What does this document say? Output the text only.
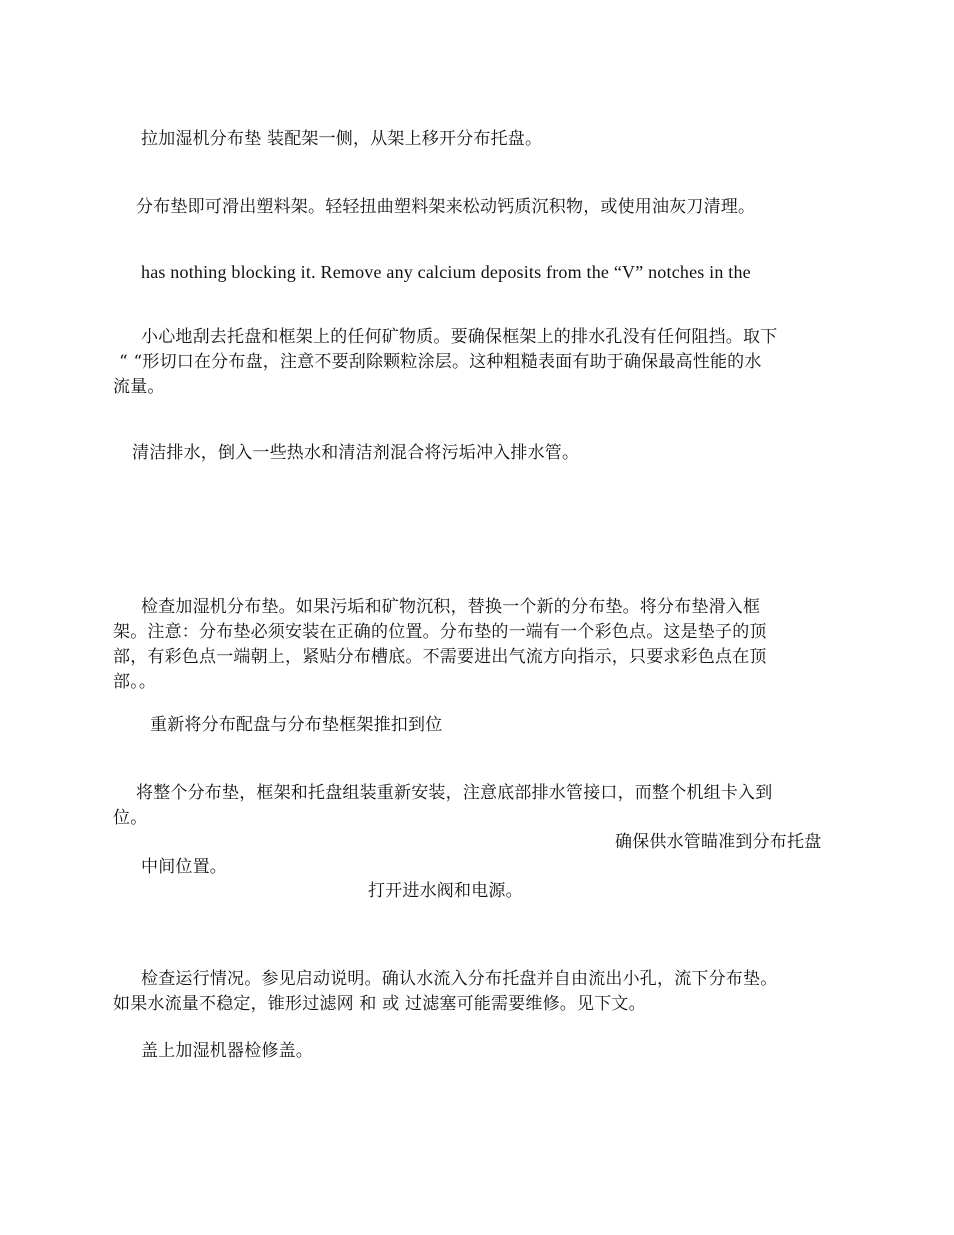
拉加湿机分布垫 装配架一侧，从架上移开分布托盘。
分布垫即可滑出塑料架。轻轻扭曲塑料架来松动钙质沉积物，或使用油灰刀清理。
has nothing blocking it. Remove any calcium deposits from the “V” notches in the
小心地刮去托盘和框架上的任何矿物质。要确保框架上的排水孔没有任何阻挡。取下
“ “形切口在分布盘，注意不要刮除颗粒涂层。这种粗糙表面有助于确保最高性能的水
流量。
清洁排水，倒入一些热水和清洁剂混合将污垢冲入排水管。
检查加湿机分布垫。如果污垢和矿物沉积，替换一个新的分布垫。将分布垫滑入框
架。注意：分布垫必须安装在正确的位置。分布垫的一端有一个彩色点。这是垫子的顶
部，有彩色点一端朝上，紧贴分布槽底。不需要进出气流方向指示，只要求彩色点在顶
部。。
重新将分布配盘与分布垫框架推扣到位
将整个分布垫，框架和托盘组装重新安装，注意底部排水管接口，而整个机组卡入到
位。
确保供水管瞄准到分布托盘
中间位置。
打开进水阀和电源。
检查运行情况。参见启动说明。确认水流入分布托盘并自由流出小孔，流下分布垫。
如果水流量不稳定，锥形过滤网 和 或 过滤塞可能需要维修。见下文。
盖上加湿机器检修盖。
